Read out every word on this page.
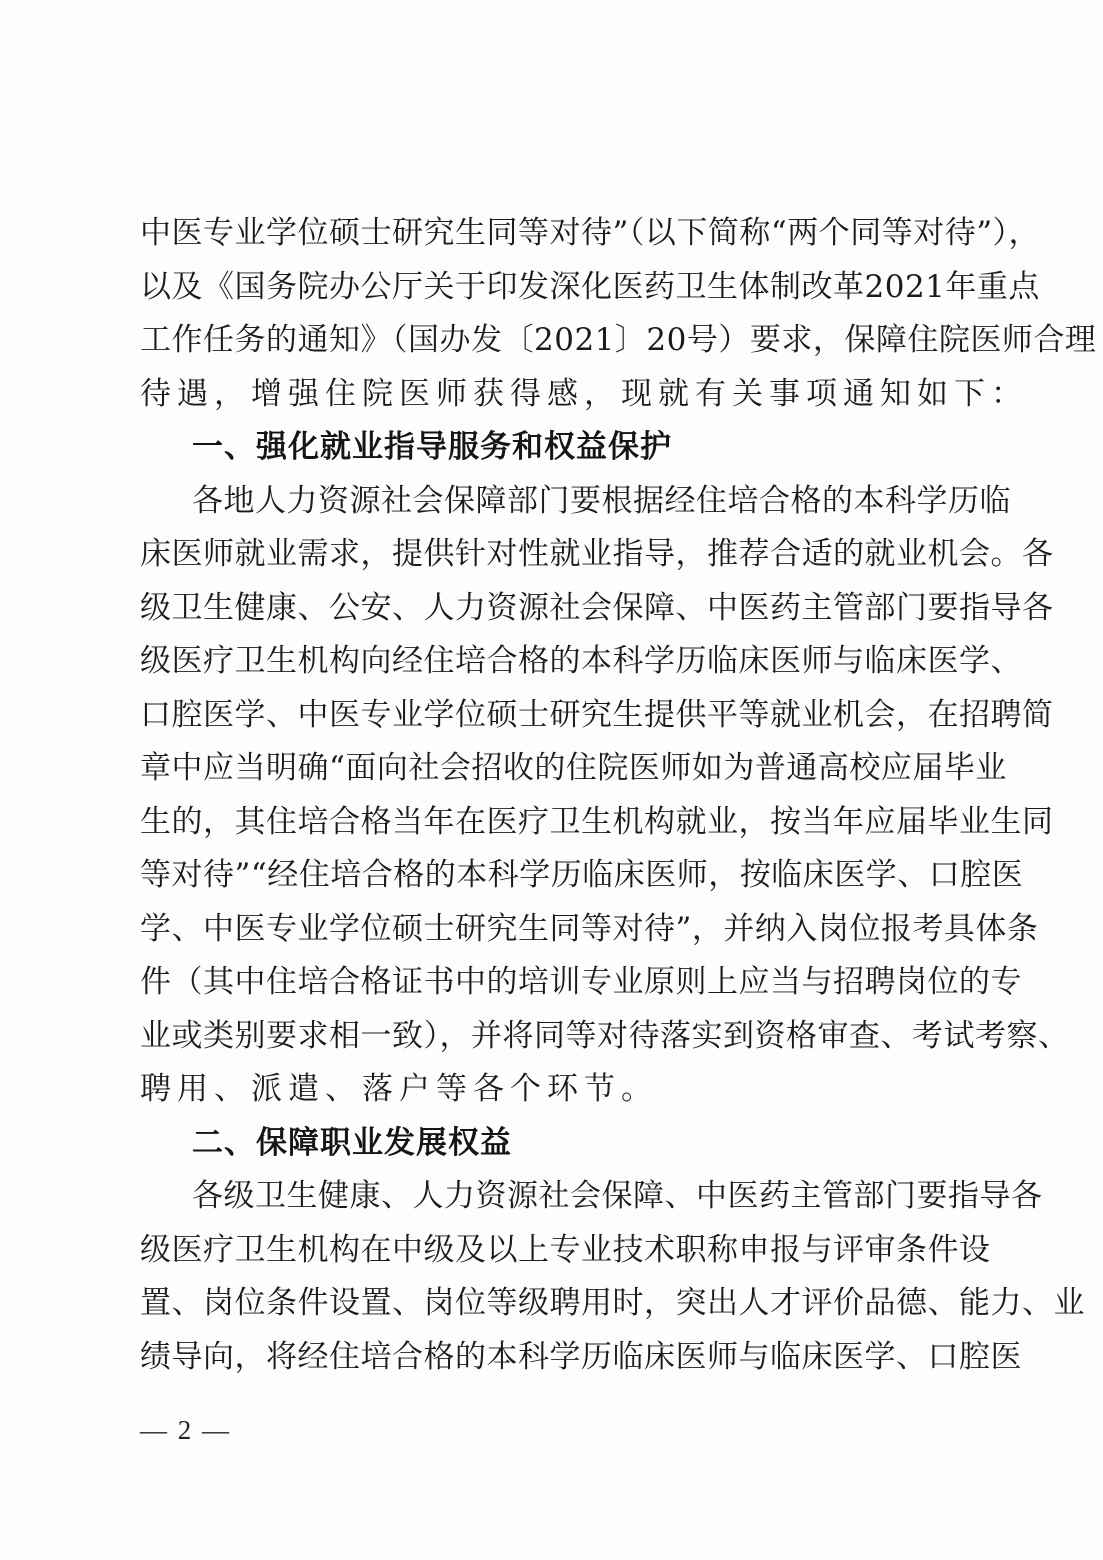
中医专业学位硕士研究生同等对待”（以下简称“两个同等对待”），
以及《国务院办公厅关于印发深化医药卫生体制改革2021年重点
工作任务的通知》（国办发〔2021〕20号）要求，保障住院医师合理
待遇，增强住院医师获得感，现就有关事项通知如下：
一、强化就业指导服务和权益保护
各地人力资源社会保障部门要根据经住培合格的本科学历临
床医师就业需求，提供针对性就业指导，推荐合适的就业机会。各
级卫生健康、公安、人力资源社会保障、中医药主管部门要指导各
级医疗卫生机构向经住培合格的本科学历临床医师与临床医学、
口腔医学、中医专业学位硕士研究生提供平等就业机会，在招聘简
章中应当明确“面向社会招收的住院医师如为普通高校应届毕业
生的，其住培合格当年在医疗卫生机构就业，按当年应届毕业生同
等对待”“经住培合格的本科学历临床医师，按临床医学、口腔医
学、中医专业学位硕士研究生同等对待”，并纳入岗位报考具体条
件（其中住培合格证书中的培训专业原则上应当与招聘岗位的专
业或类别要求相一致），并将同等对待落实到资格审查、考试考察、
聘用、派遣、落户等各个环节。
二、保障职业发展权益
各级卫生健康、人力资源社会保障、中医药主管部门要指导各
级医疗卫生机构在中级及以上专业技术职称申报与评审条件设
置、岗位条件设置、岗位等级聘用时，突出人才评价品德、能力、业
绩导向，将经住培合格的本科学历临床医师与临床医学、口腔医
— 2 —
